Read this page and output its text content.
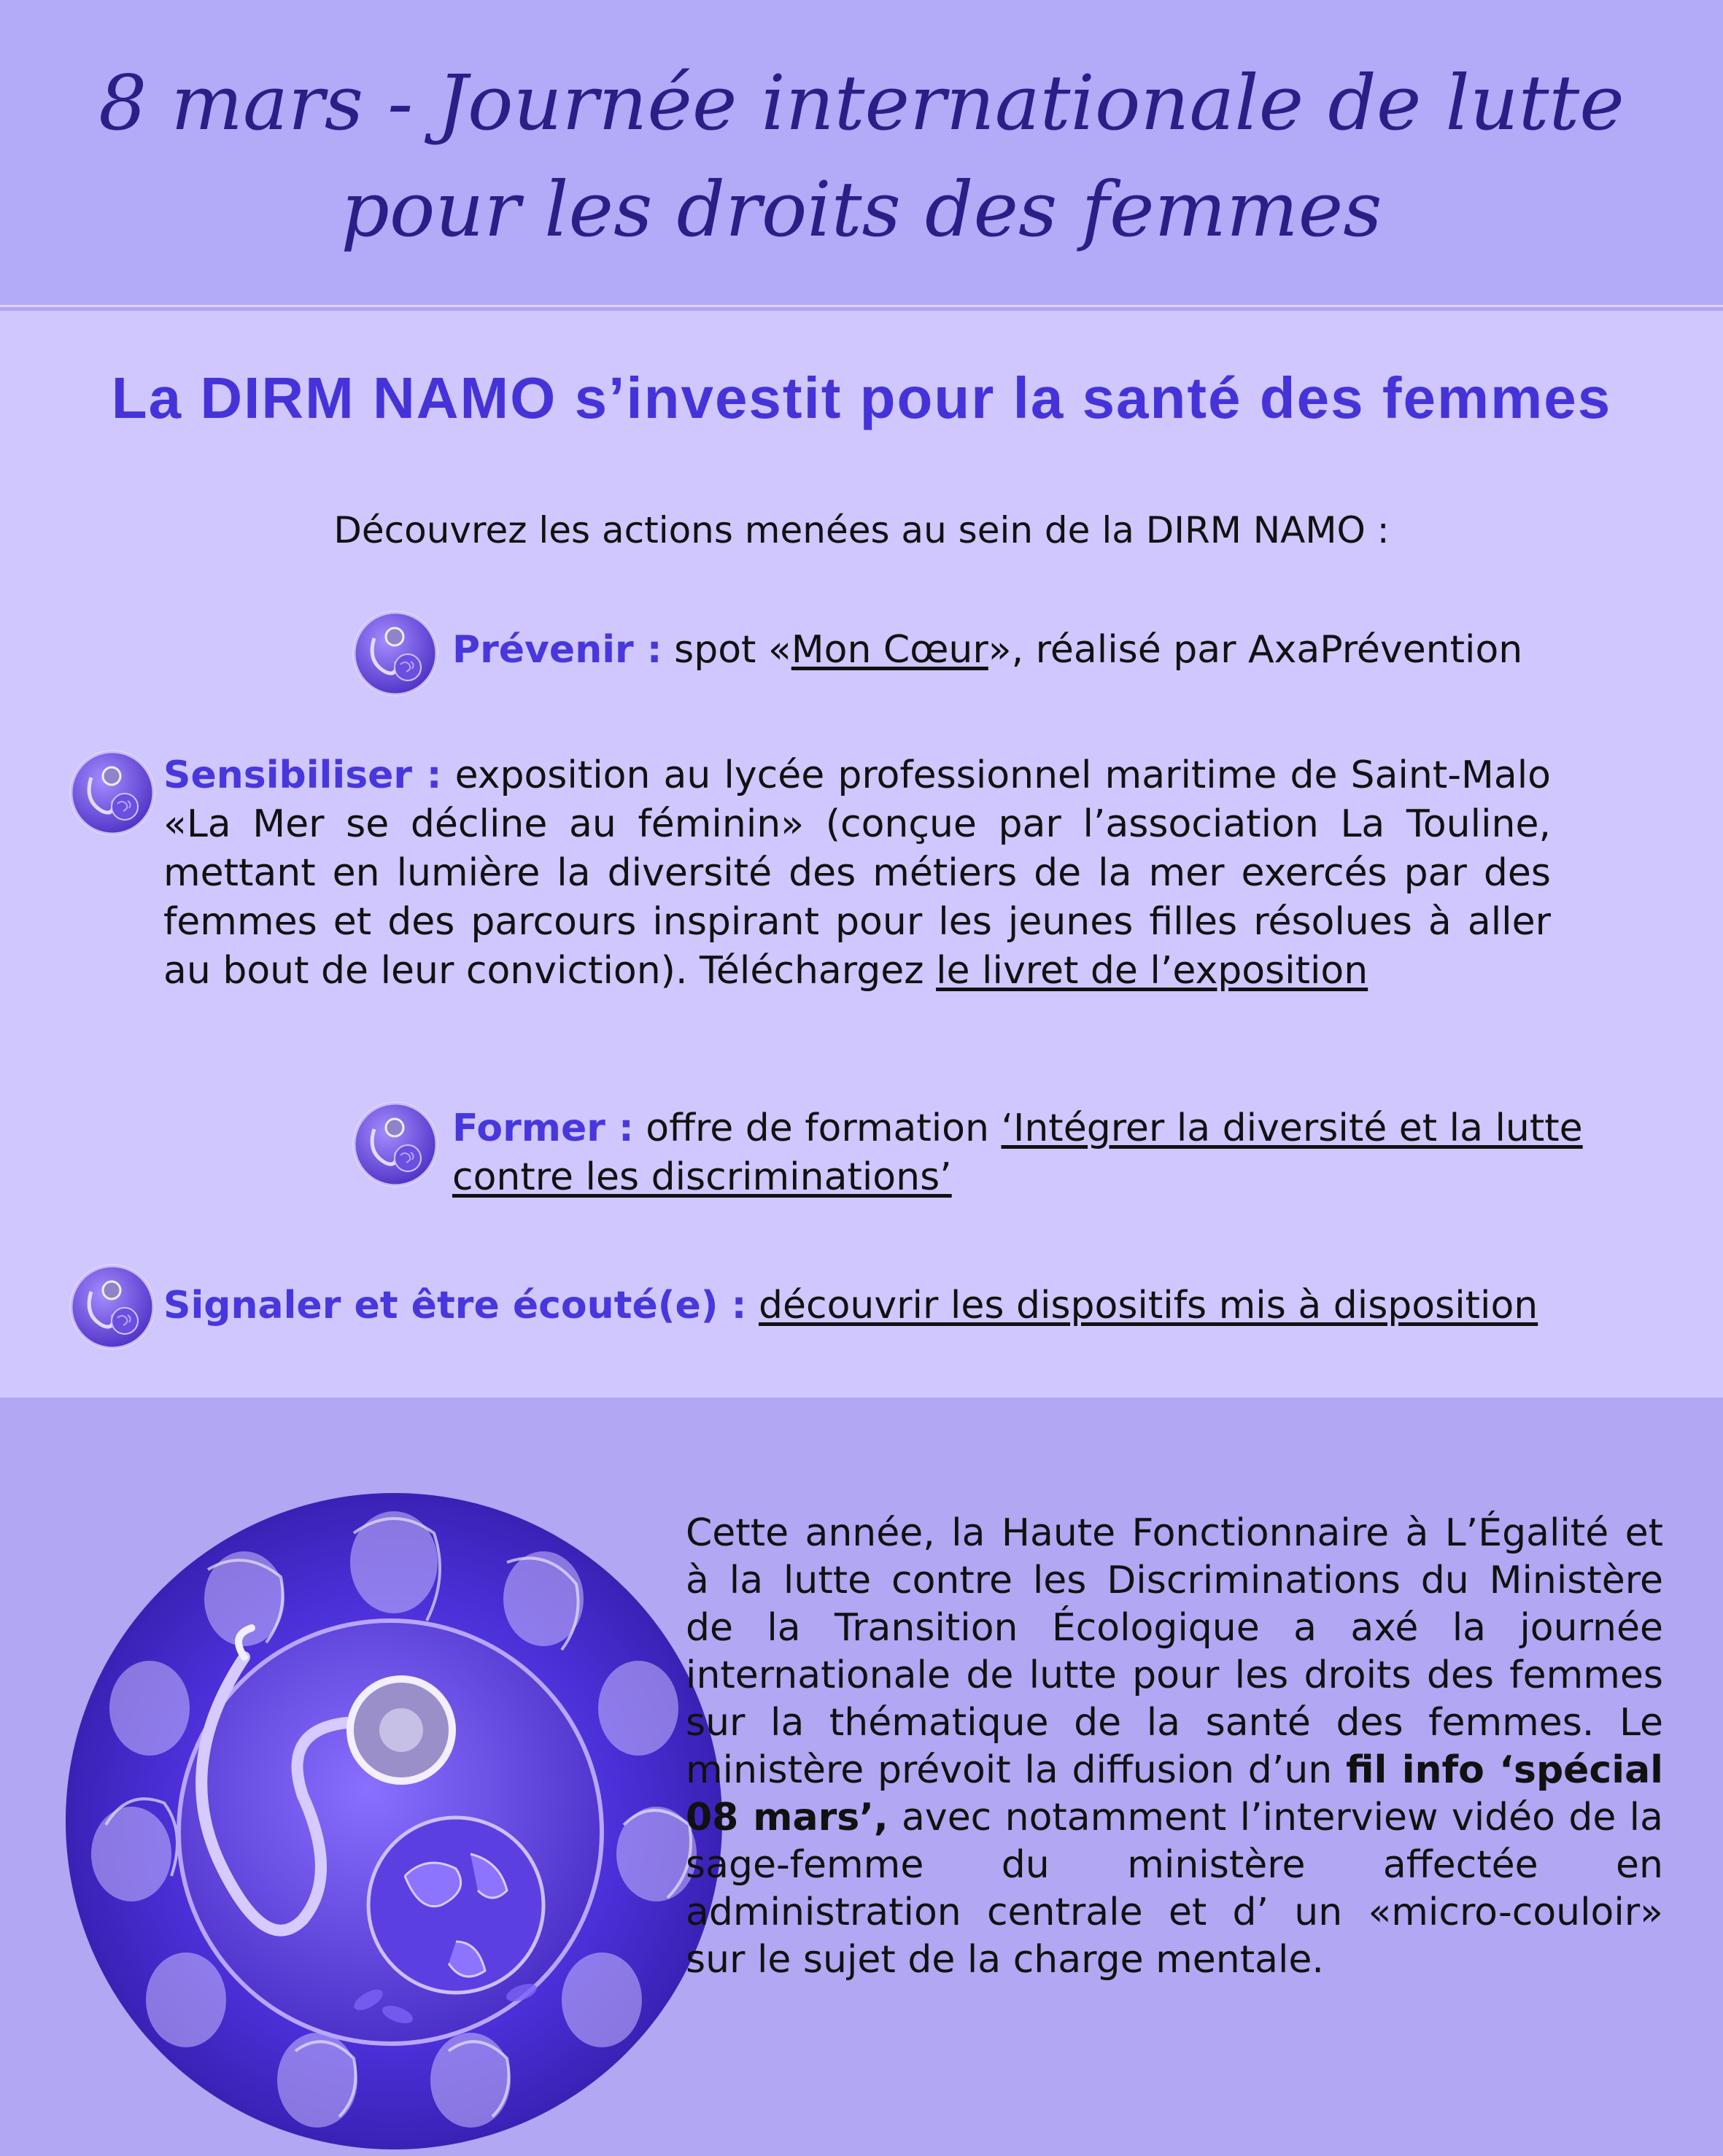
8 mars - Journée internationale de lutte
pour les droits des femmes
La DIRM NAMO s’investit pour la santé des femmes
Découvrez les actions menées au sein de la DIRM NAMO :
Prévenir : spot «Mon Cœur», réalisé par AxaPrévention
Sensibiliser : exposition au lycée professionnel maritime de Saint-Malo «La Mer se décline au féminin» (conçue par l’association La Touline, mettant en lumière la diversité des métiers de la mer exercés par des femmes et des parcours inspirant pour les jeunes filles résolues à aller au bout de leur conviction). Téléchargez le livret de l’exposition
Former : offre de formation ‘Intégrer la diversité et la lutte contre les discriminations’
Signaler et être écouté(e) : découvrir les dispositifs mis à disposition
Cette année, la Haute Fonctionnaire à L’Égalité et à la lutte contre les Discriminations du Ministère de la Transition Écologique a axé la journée internationale de lutte pour les droits des femmes sur la thématique de la santé des femmes. Le ministère prévoit la diffusion d’un fil info ‘spécial 08 mars’, avec notamment l’interview vidéo de la sage-femme du ministère affectée en administration centrale et d’ un «micro-couloir» sur le sujet de la charge mentale.
